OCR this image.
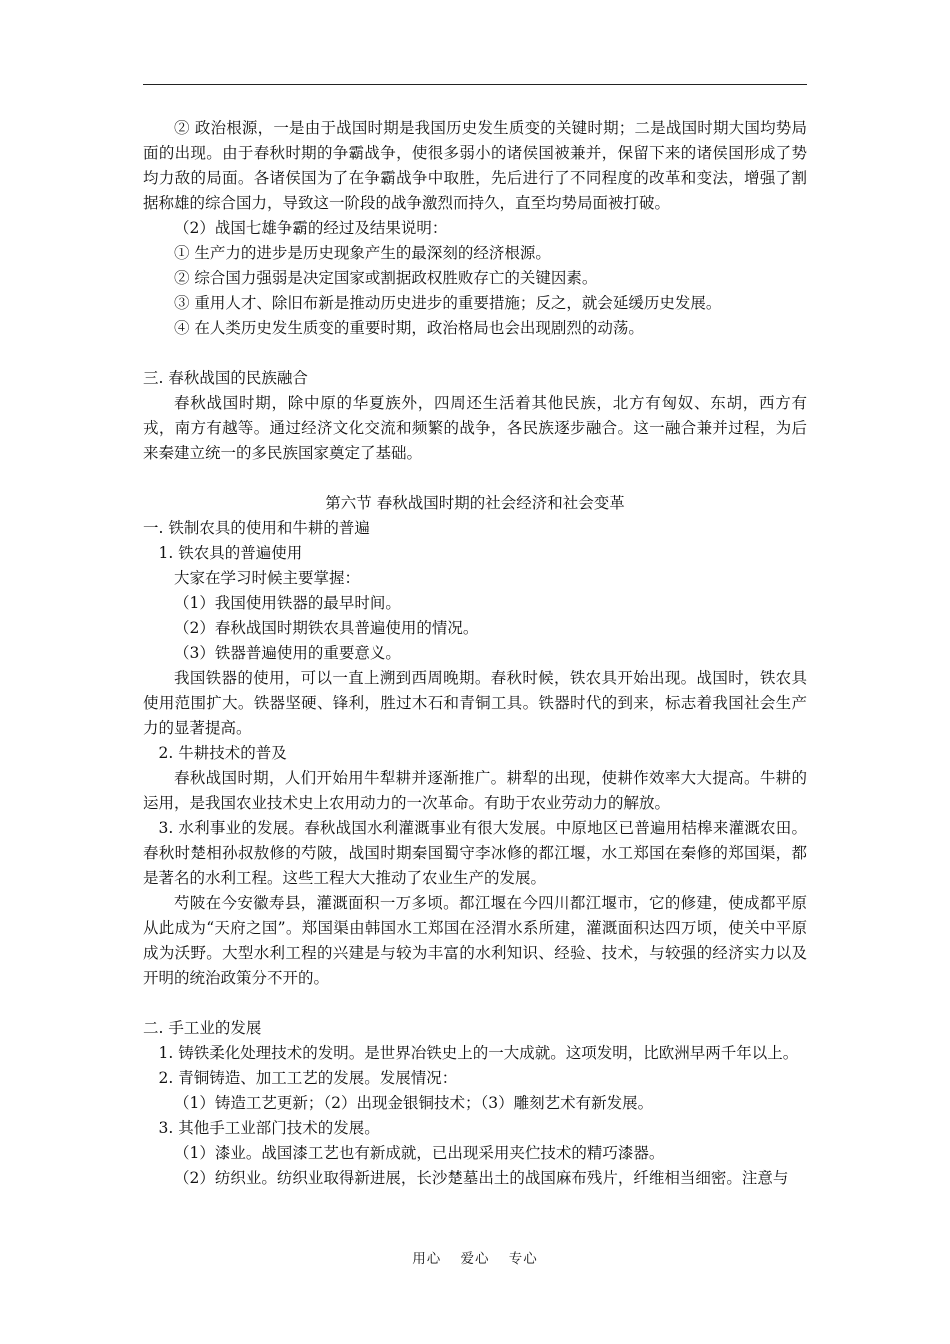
② 政治根源，一是由于战国时期是我国历史发生质变的关键时期；二是战国时期大国均势局面的出现。由于春秋时期的争霸战争，使很多弱小的诸侯国被兼并，保留下来的诸侯国形成了势均力敌的局面。各诸侯国为了在争霸战争中取胜，先后进行了不同程度的改革和变法，增强了割据称雄的综合国力，导致这一阶段的战争激烈而持久，直至均势局面被打破。

（2）战国七雄争霸的经过及结果说明：

① 生产力的进步是历史现象产生的最深刻的经济根源。

② 综合国力强弱是决定国家或割据政权胜败存亡的关键因素。

③ 重用人才、除旧布新是推动历史进步的重要措施；反之，就会延缓历史发展。

④ 在人类历史发生质变的重要时期，政治格局也会出现剧烈的动荡。

三. 春秋战国的民族融合

春秋战国时期，除中原的华夏族外，四周还生活着其他民族，北方有匈奴、东胡，西方有戎，南方有越等。通过经济文化交流和频繁的战争，各民族逐步融合。这一融合兼并过程，为后来秦建立统一的多民族国家奠定了基础。

第六节 春秋战国时期的社会经济和社会变革

一. 铁制农具的使用和牛耕的普遍

1. 铁农具的普遍使用

大家在学习时候主要掌握：

（1）我国使用铁器的最早时间。

（2）春秋战国时期铁农具普遍使用的情况。

（3）铁器普遍使用的重要意义。

我国铁器的使用，可以一直上溯到西周晚期。春秋时候，铁农具开始出现。战国时，铁农具使用范围扩大。铁器坚硬、锋利，胜过木石和青铜工具。铁器时代的到来，标志着我国社会生产力的显著提高。

2. 牛耕技术的普及

春秋战国时期，人们开始用牛犁耕并逐渐推广。耕犁的出现，使耕作效率大大提高。牛耕的运用，是我国农业技术史上农用动力的一次革命。有助于农业劳动力的解放。

3. 水利事业的发展。春秋战国水利灌溉事业有很大发展。中原地区已普遍用桔槔来灌溉农田。春秋时楚相孙叔敖修的芍陂，战国时期秦国蜀守李冰修的都江堰，水工郑国在秦修的郑国渠，都是著名的水利工程。这些工程大大推动了农业生产的发展。

芍陂在今安徽寿县，灌溉面积一万多顷。都江堰在今四川都江堰市，它的修建，使成都平原从此成为“天府之国”。郑国渠由韩国水工郑国在泾渭水系所建，灌溉面积达四万顷，使关中平原成为沃野。大型水利工程的兴建是与较为丰富的水利知识、经验、技术，与较强的经济实力以及开明的统治政策分不开的。

二. 手工业的发展

1. 铸铁柔化处理技术的发明。是世界冶铁史上的一大成就。这项发明，比欧洲早两千年以上。

2. 青铜铸造、加工工艺的发展。发展情况：

（1）铸造工艺更新；（2）出现金银铜技术；（3）雕刻艺术有新发展。

3. 其他手工业部门技术的发展。

（1）漆业。战国漆工艺也有新成就，已出现采用夹伫技术的精巧漆器。

（2）纺织业。纺织业取得新进展，长沙楚墓出土的战国麻布残片，纤维相当细密。注意与

用心 爱心 专心
